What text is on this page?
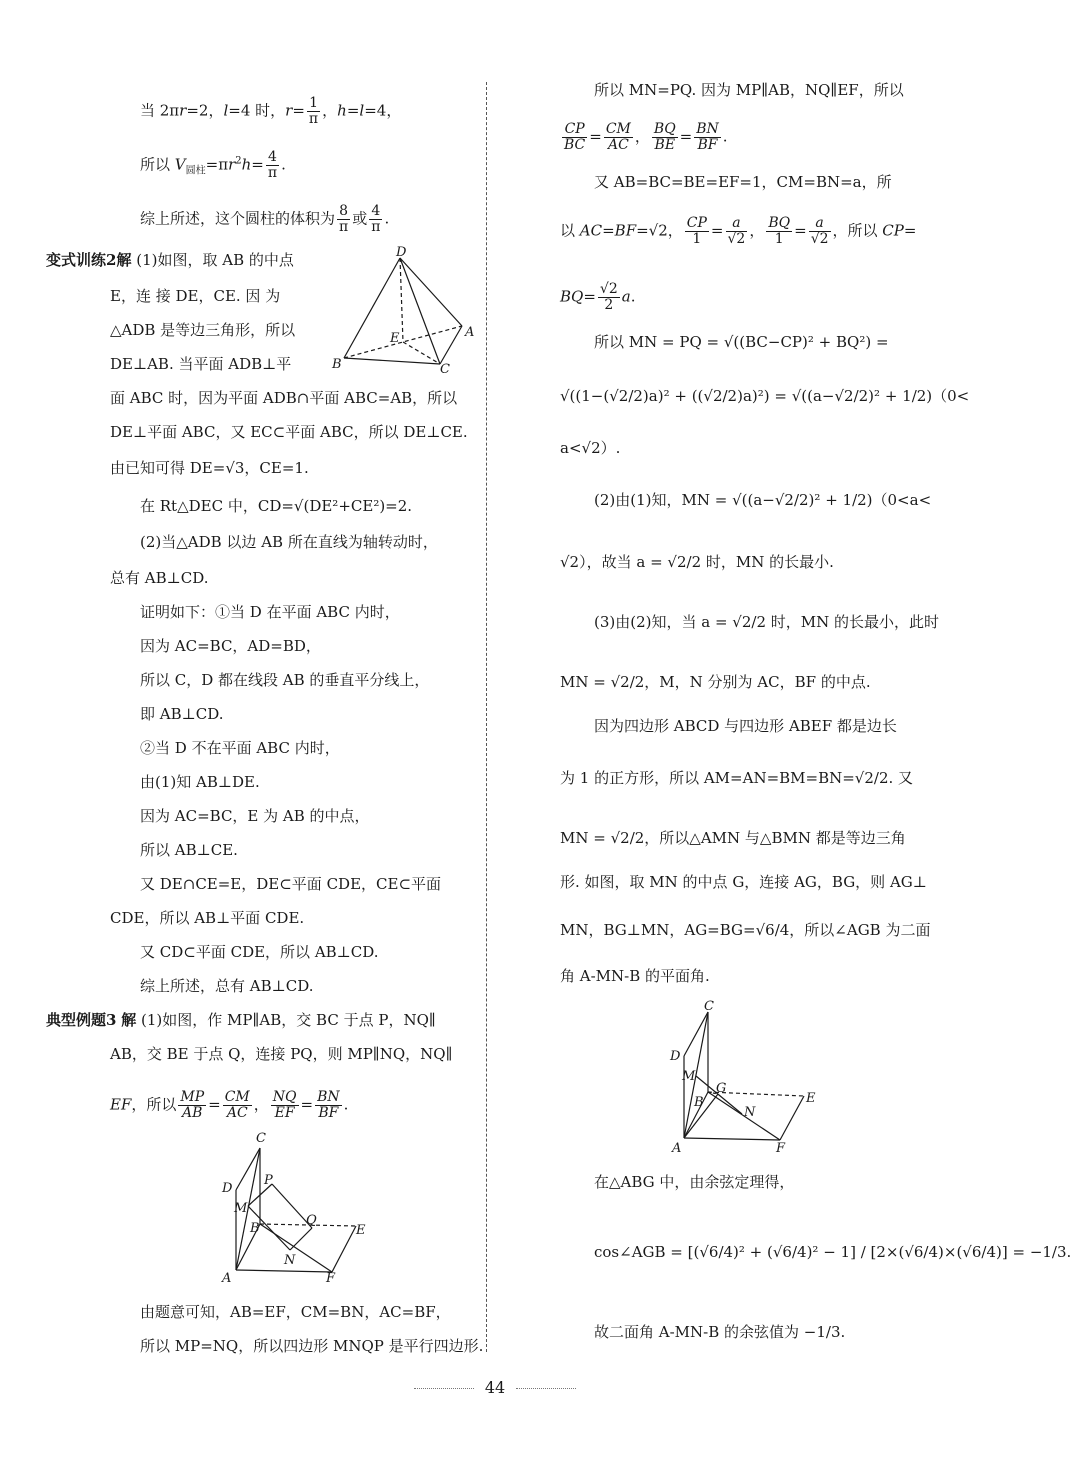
当 2πr=2，l=4 时，$r= \frac{1}{\pi}$ ，h=l=4，
所以 $V_{圆柱}=\pi r^2h= \frac{4}{\pi}$ .
综上所述，这个圆柱的体积为 $\frac{8}{\pi}$ 或 $\frac{4}{\pi}$ .
变式训练2解 (1)如图，取 AB 的中点
E，连 接 DE，CE. 因 为
△ADB 是等边三角形，所以
DE⊥AB. 当平面 ADB⊥平
面 ABC 时，因为平面 ADB∩平面 ABC=AB，所以
DE⊥平面 ABC，又 EC⊂平面 ABC，所以 DE⊥CE.
由已知可得 DE=√3，CE=1.
在 Rt△DEC 中，CD=√(DE²+CE²)=2.
(2)当△ADB 以边 AB 所在直线为轴转动时，
总有 AB⊥CD.
证明如下：①当 D 在平面 ABC 内时，
因为 AC=BC，AD=BD，
所以 C，D 都在线段 AB 的垂直平分线上，
即 AB⊥CD.
②当 D 不在平面 ABC 内时，
由(1)知 AB⊥DE.
因为 AC=BC，E 为 AB 的中点，
所以 AB⊥CE.
又 DE∩CE=E，DE⊂平面 CDE，CE⊂平面
CDE，所以 AB⊥平面 CDE.
又 CD⊂平面 CDE，所以 AB⊥CD.
综上所述，总有 AB⊥CD.
典型例题3 解 (1)如图，作 MP∥AB，交 BC 于点 P，NQ∥
AB，交 BE 于点 Q，连接 PQ，则 MP∥NQ，NQ∥
EF，所以 $\frac{MP}{AB} = \frac{CM}{AC}$ ， $\frac{NQ}{EF} = \frac{BN}{BF}$ .
由题意可知，AB=EF，CM=BN，AC=BF，
所以 MP=NQ，所以四边形 MNQP 是平行四边形.
D
A
E
B	C
C
D
P
M
B
Q
E
N
A	F
所以 MN=PQ. 因为 MP∥AB，NQ∥EF，所以
$\frac{CP}{BC} = \frac{CM}{AC}$ ， $\frac{BQ}{BE} = \frac{BN}{BF}$ .
又 AB=BC=BE=EF=1，CM=BN=a，所
以 AC=BF=√2， $\frac{CP}{1} = \frac{a}{√2}$ ， $\frac{BQ}{1} = \frac{a}{√2}$ ，所以 CP=
$BQ= \frac{√2}{2} a$.
所以 MN = PQ = √((BC−CP)² + BQ²) =
√((1−(√2/2)a)² + ((√2/2)a)²) = √((a−√2/2)² + 1/2)（0<
a<√2）.
(2)由(1)知，MN = √((a−√2/2)² + 1/2)（0<a<
√2），故当 a = √2/2 时，MN 的长最小.
(3)由(2)知，当 a = √2/2 时，MN 的长最小，此时
MN = √2/2，M，N 分别为 AC，BF 的中点.
因为四边形 ABCD 与四边形 ABEF 都是边长
为 1 的正方形，所以 AM=AN=BM=BN=√2/2. 又
MN = √2/2，所以△AMN 与△BMN 都是等边三角
形. 如图，取 MN 的中点 G，连接 AG，BG，则 AG⊥
MN，BG⊥MN，AG=BG=√6/4，所以∠AGB 为二面
角 A-MN-B 的平面角.
在△ABG 中，由余弦定理得，
cos∠AGB = [(√6/4)² + (√6/4)² − 1] / [2×(√6/4)×(√6/4)] = −1/3.
故二面角 A-MN-B 的余弦值为 −1/3.
C
D
M
G
B
N
E
A	F
44
